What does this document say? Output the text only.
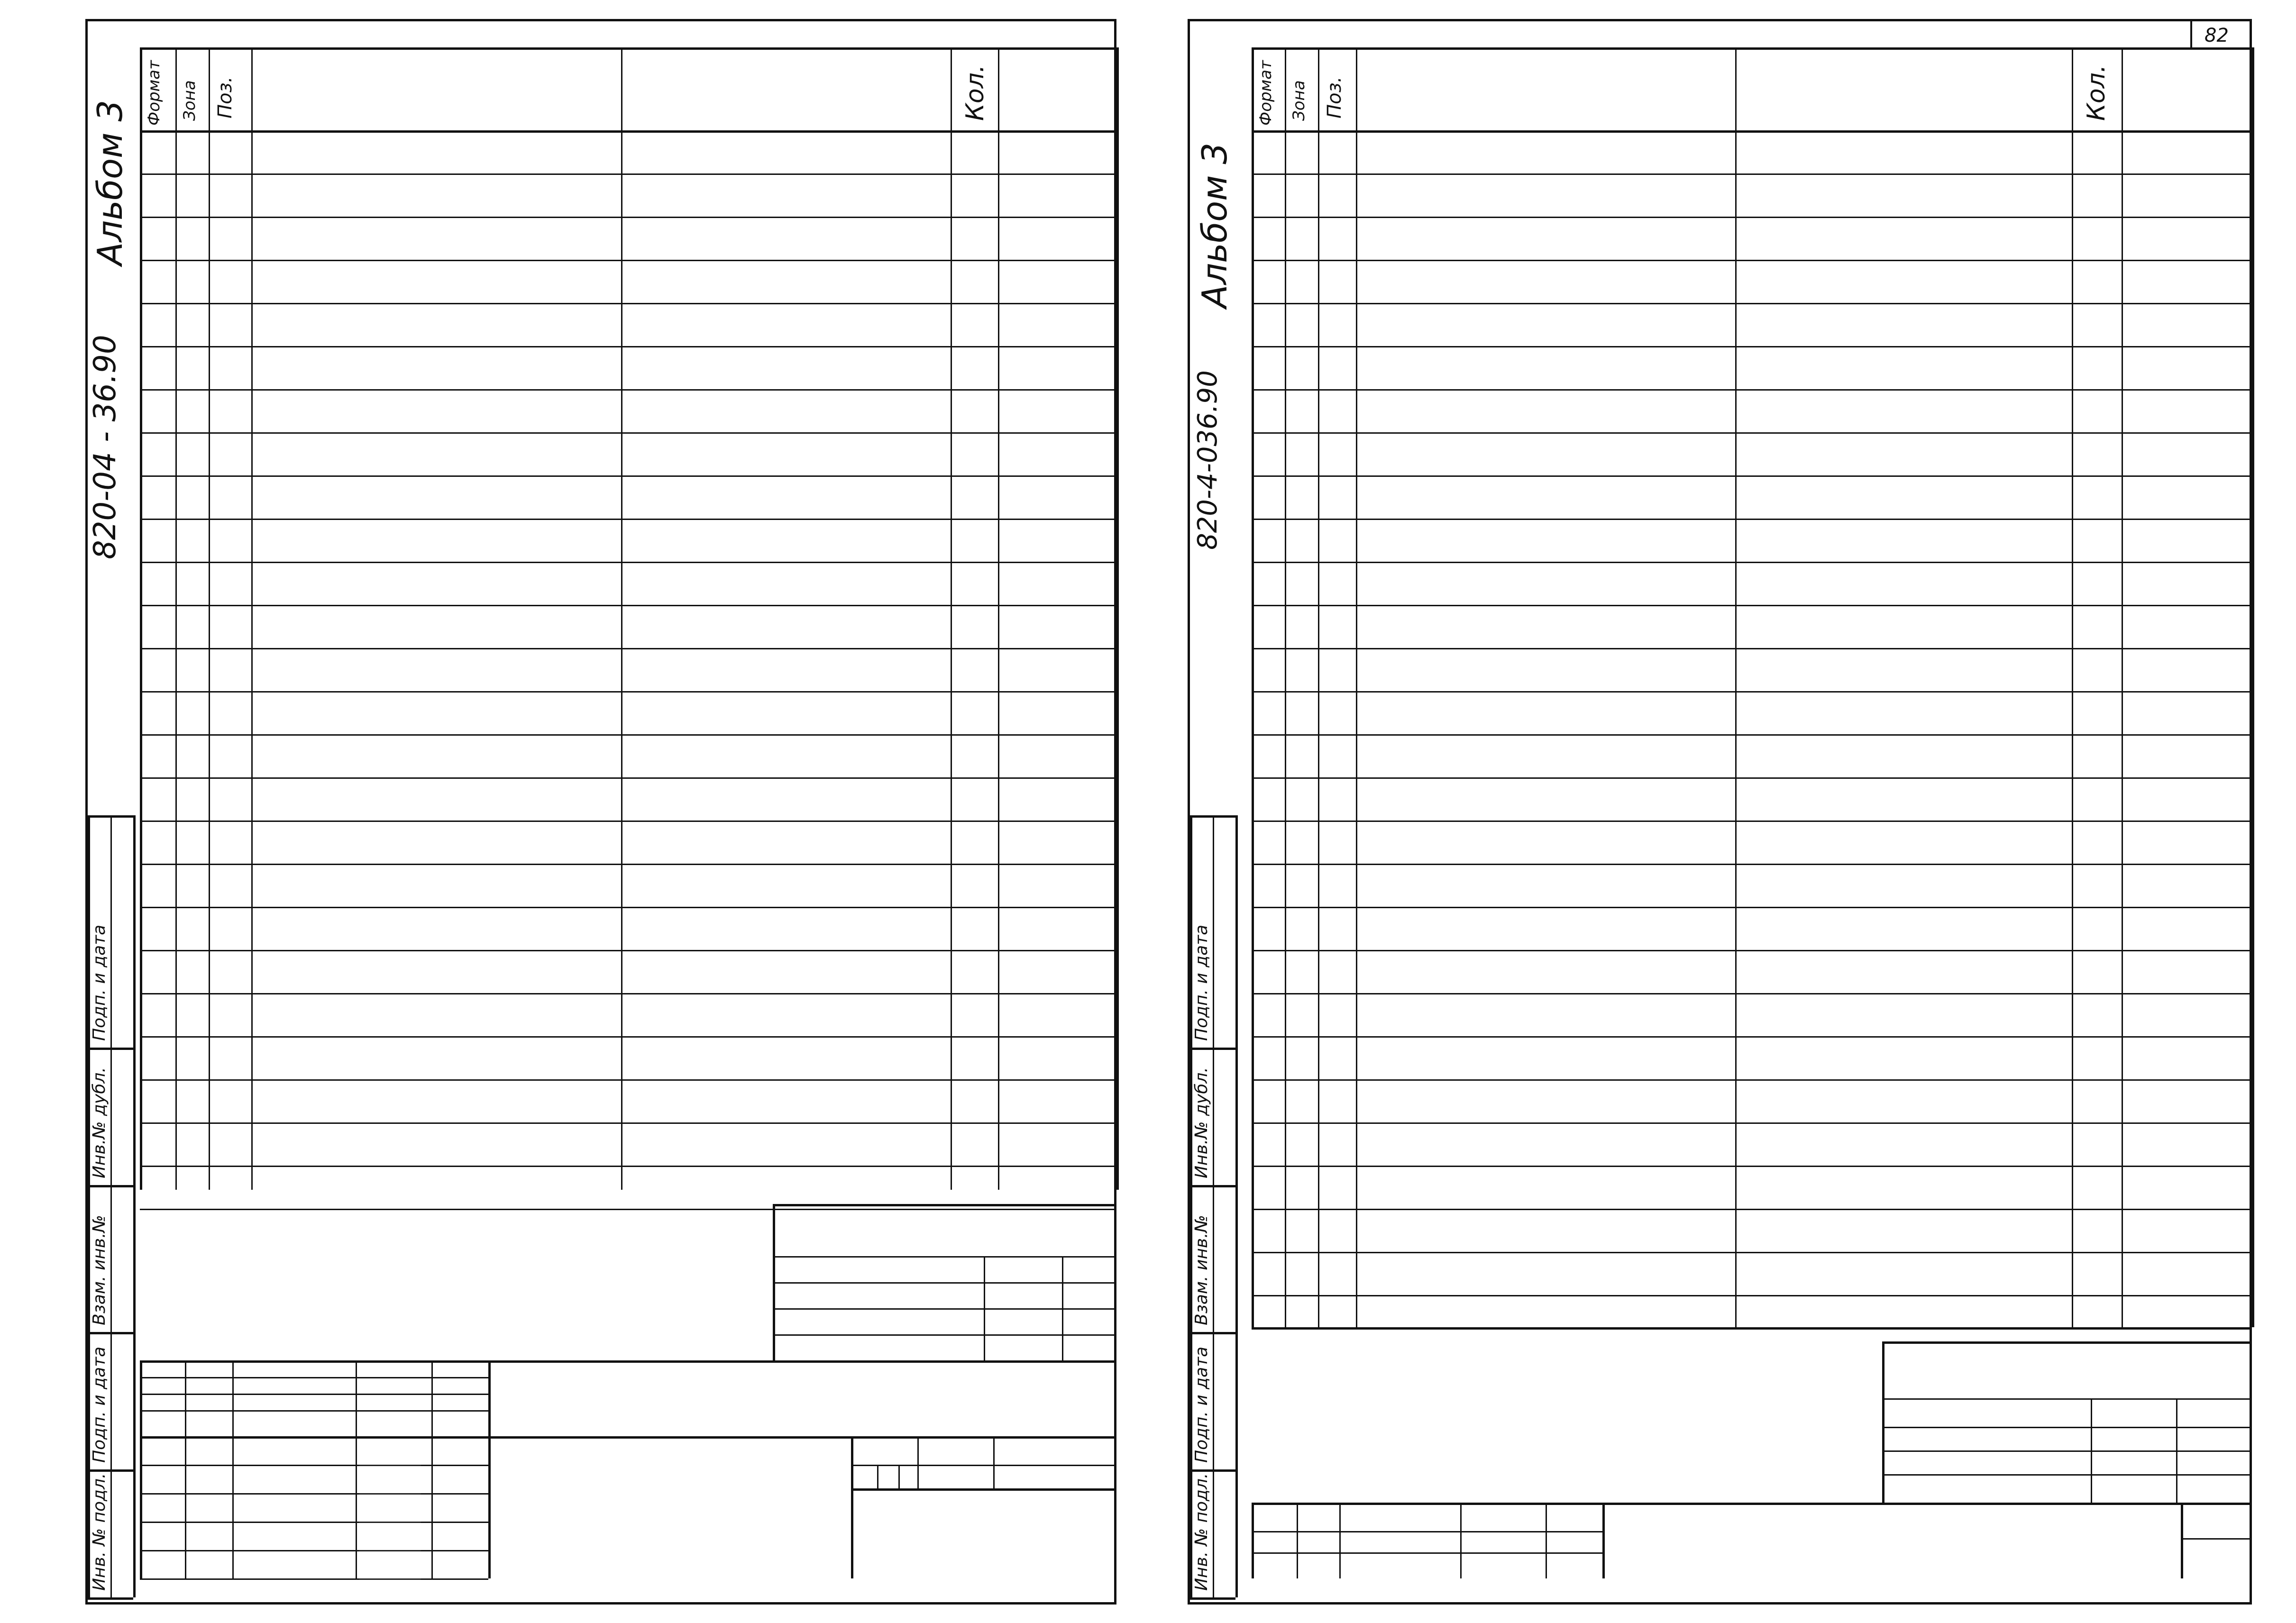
Альбом 3
820-04 - 36.90
Формат Зона Поз.	Кол.
Инв. № подл.
Подп. и дата
Взам. инв.№
Инв.№ дубл.
Подп. и дата
82
Альбом 3
820-4-036.90
Формат Зона Поз.	Кол.
Инв. № подл.
Подп. и дата
Взам. инв.№
Инв.№ дубл.
Подп. и дата
